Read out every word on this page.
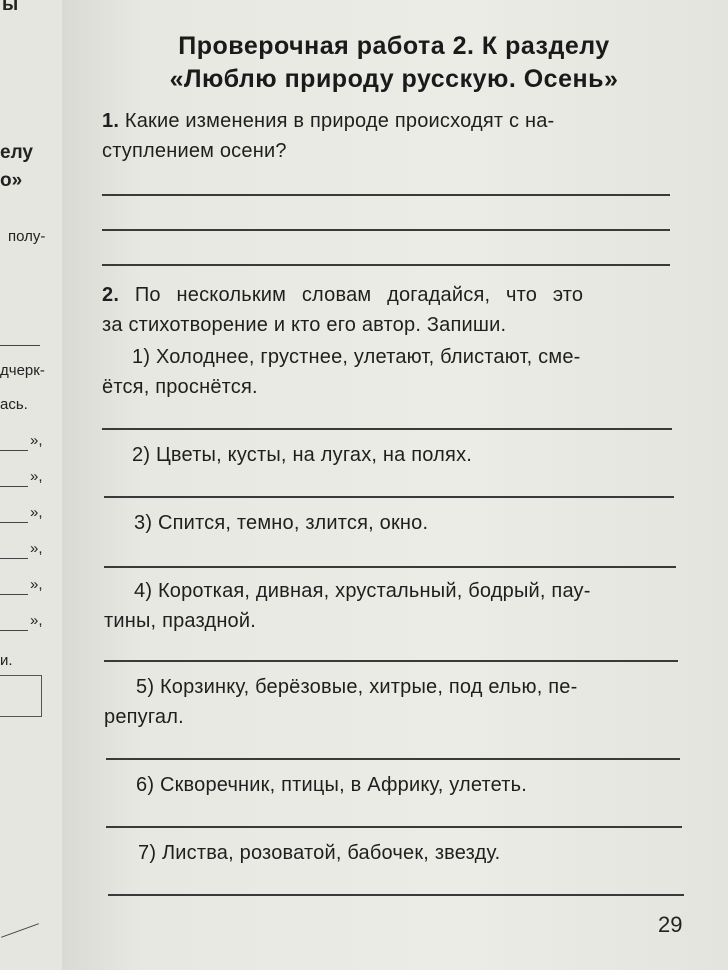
ы
елу
о»
полу-
дчерк-
ась.
»,
»,
»,
»,
»,
»,
и.
Проверочная работа 2. К разделу
«Люблю природу русскую. Осень»
1. Какие изменения в природе происходят с на-
ступлением осени?
2. По нескольким словам догадайся, что это
за стихотворение и кто его автор. Запиши.
1) Холоднее, грустнее, улетают, блистают, сме-
ётся, проснётся.
2) Цветы, кусты, на лугах, на полях.
3) Спится, темно, злится, окно.
4) Короткая, дивная, хрустальный, бодрый, пау-
тины, праздной.
5) Корзинку, берёзовые, хитрые, под елью, пе-
репугал.
6) Скворечник, птицы, в Африку, улететь.
7) Листва, розоватой, бабочек, звезду.
29
